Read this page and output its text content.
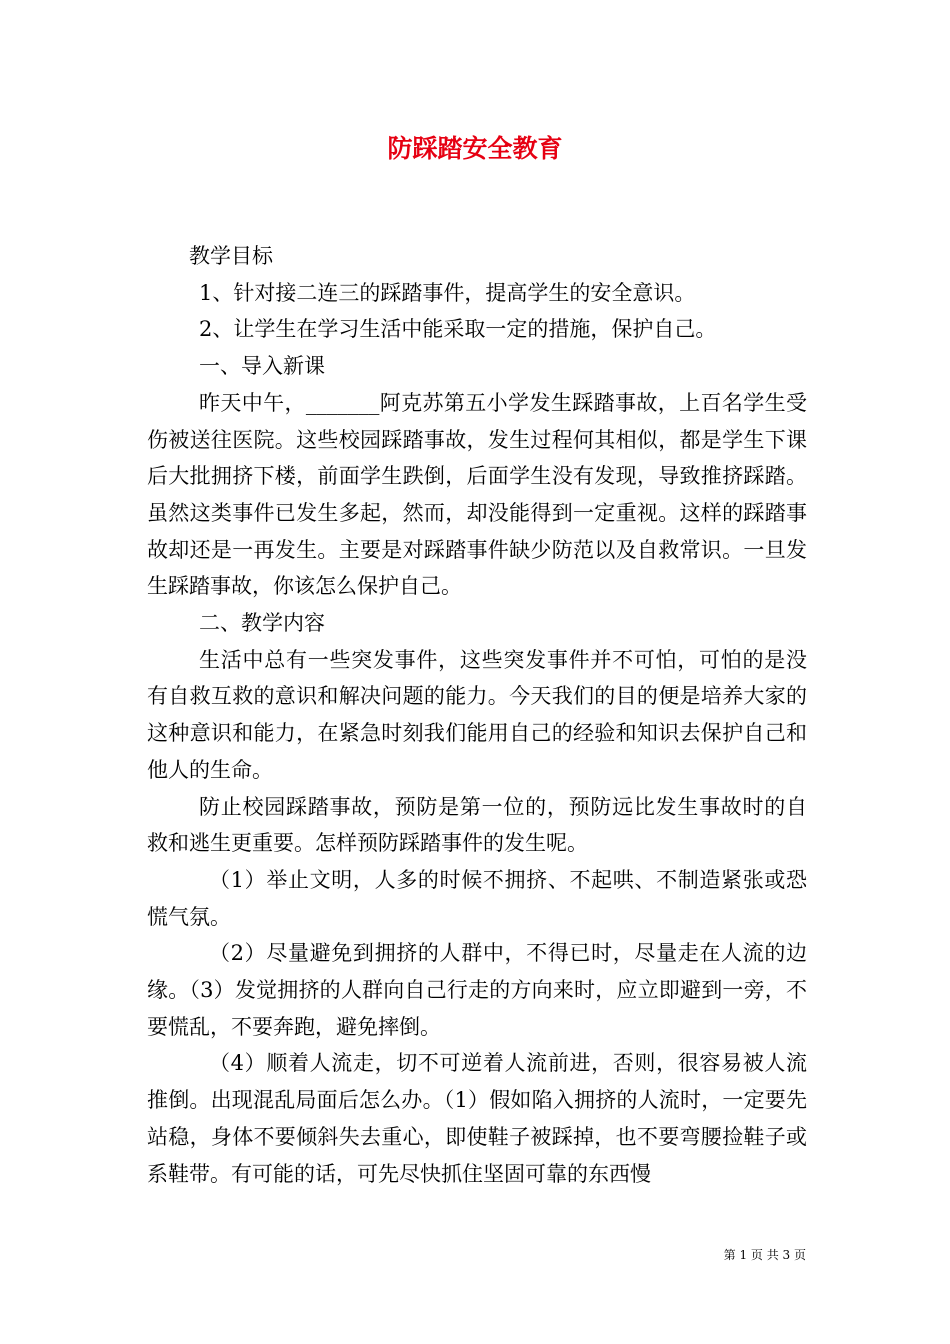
防踩踏安全教育

教学目标

1、针对接二连三的踩踏事件，提高学生的安全意识。

2、让学生在学习生活中能采取一定的措施，保护自己。

一、导入新课

昨天中午，_______阿克苏第五小学发生踩踏事故，上百名学生受伤被送往医院。这些校园踩踏事故，发生过程何其相似，都是学生下课后大批拥挤下楼，前面学生跌倒，后面学生没有发现，导致推挤踩踏。虽然这类事件已发生多起，然而，却没能得到一定重视。这样的踩踏事故却还是一再发生。主要是对踩踏事件缺少防范以及自救常识。一旦发生踩踏事故，你该怎么保护自己。

二、教学内容

生活中总有一些突发事件，这些突发事件并不可怕，可怕的是没有自救互救的意识和解决问题的能力。今天我们的目的便是培养大家的这种意识和能力，在紧急时刻我们能用自己的经验和知识去保护自己和他人的生命。

防止校园踩踏事故，预防是第一位的，预防远比发生事故时的自救和逃生更重要。怎样预防踩踏事件的发生呢。

（1）举止文明，人多的时候不拥挤、不起哄、不制造紧张或恐慌气氛。

（2）尽量避免到拥挤的人群中，不得已时，尽量走在人流的边缘。（3）发觉拥挤的人群向自己行走的方向来时，应立即避到一旁，不要慌乱，不要奔跑，避免摔倒。

（4）顺着人流走，切不可逆着人流前进，否则，很容易被人流推倒。出现混乱局面后怎么办。（1）假如陷入拥挤的人流时，一定要先站稳，身体不要倾斜失去重心，即使鞋子被踩掉，也不要弯腰捡鞋子或系鞋带。有可能的话，可先尽快抓住坚固可靠的东西慢

第 1 页 共 3 页
